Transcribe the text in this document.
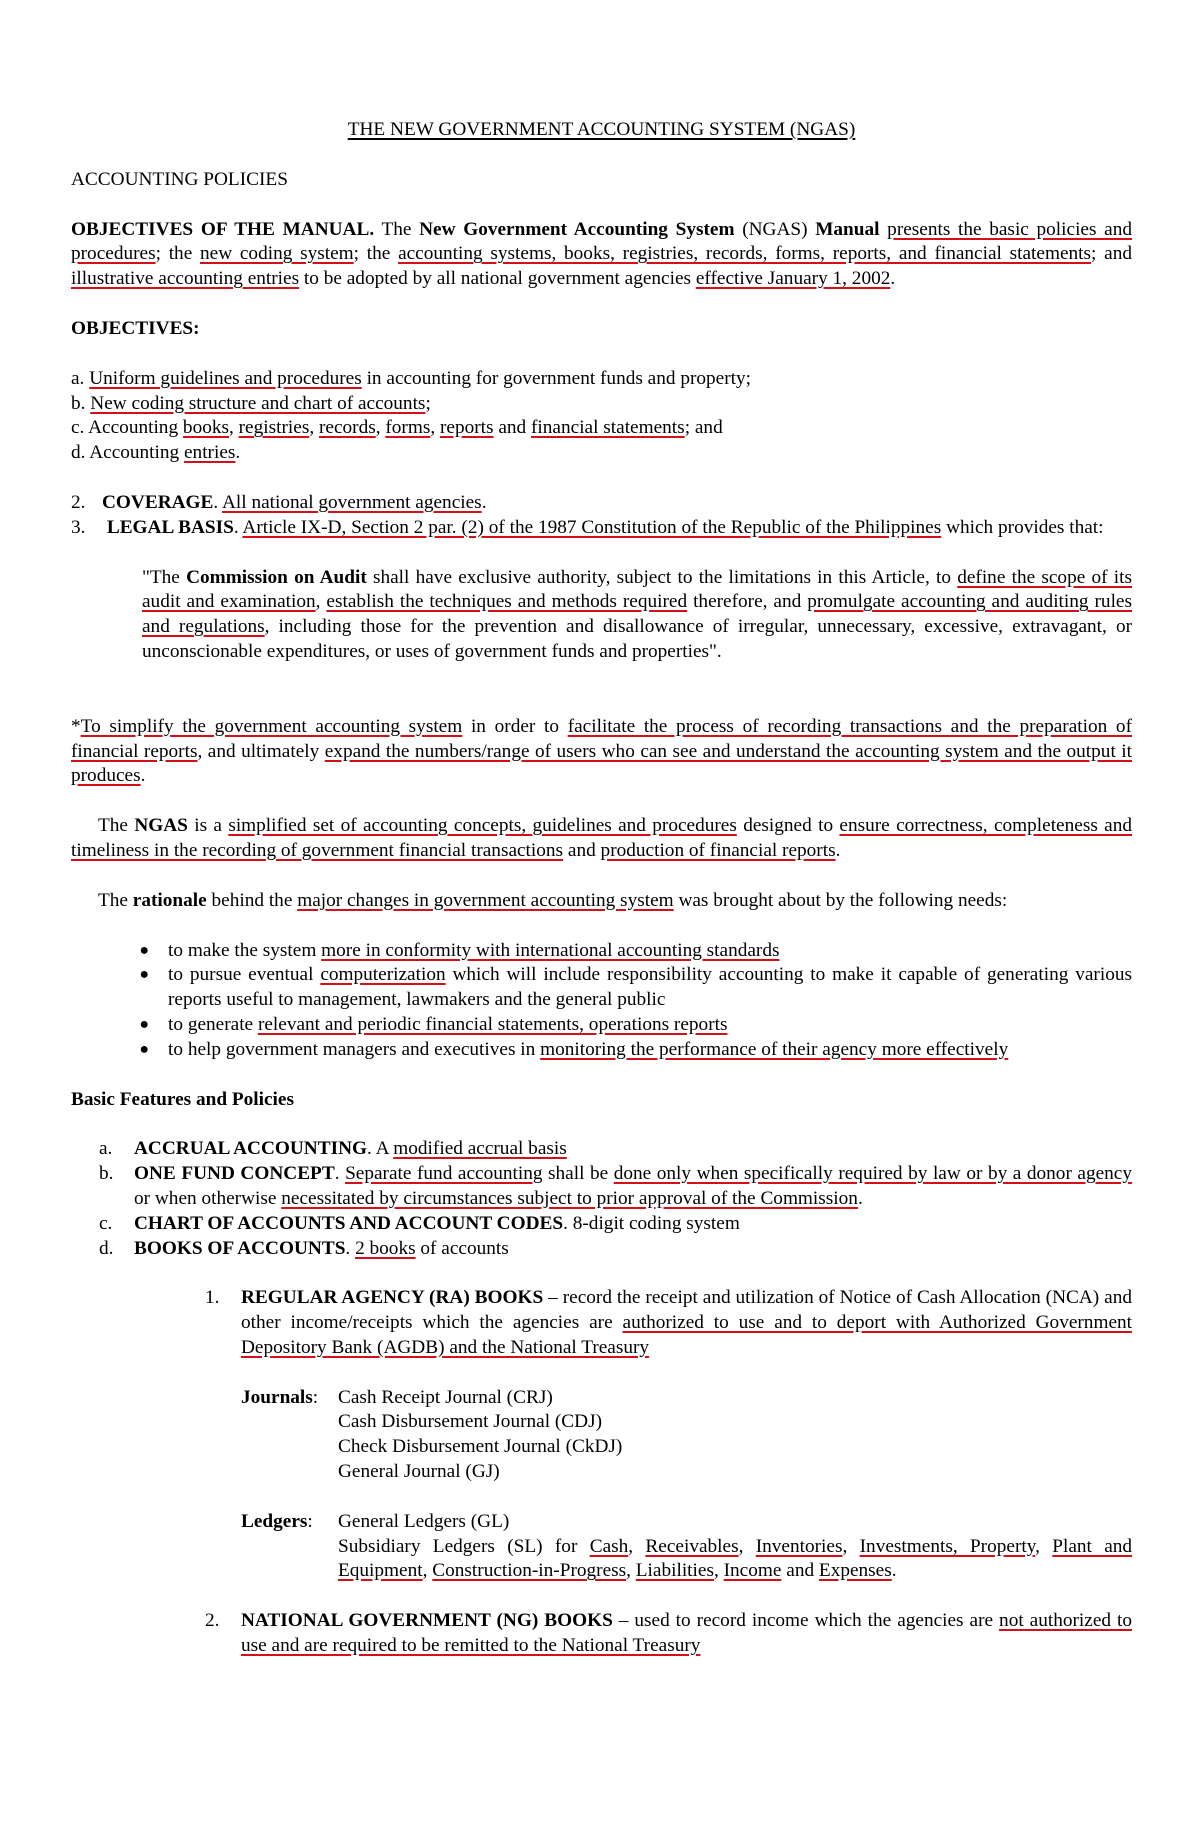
THE NEW GOVERNMENT ACCOUNTING SYSTEM (NGAS)

ACCOUNTING POLICIES

OBJECTIVES OF THE MANUAL. The New Government Accounting System (NGAS) Manual presents the basic policies and procedures; the new coding system; the accounting systems, books, registries, records, forms, reports, and financial statements; and illustrative accounting entries to be adopted by all national government agencies effective January 1, 2002.

OBJECTIVES:

a. Uniform guidelines and procedures in accounting for government funds and property;

b. New coding structure and chart of accounts;

c. Accounting books, registries, records, forms, reports and financial statements; and

d. Accounting entries.

2. COVERAGE. All national government agencies.
3.	LEGAL BASIS. Article IX-D, Section 2 par. (2) of the 1987 Constitution of the Republic of the Philippines which provides that:

"The Commission on Audit shall have exclusive authority, subject to the limitations in this Article, to define the scope of its audit and examination, establish the techniques and methods required therefore, and promulgate accounting and auditing rules and regulations, including those for the prevention and disallowance of irregular, unnecessary, excessive, extravagant, or unconscionable expenditures, or uses of government funds and properties".

*To simplify the government accounting system in order to facilitate the process of recording transactions and the preparation of financial reports, and ultimately expand the numbers/range of users who can see and understand the accounting system and the output it produces.

The NGAS is a simplified set of accounting concepts, guidelines and procedures designed to ensure correctness, completeness and timeliness in the recording of government financial transactions and production of financial reports.

The rationale behind the major changes in government accounting system was brought about by the following needs:

● to make the system more in conformity with international accounting standards
● to pursue eventual computerization which will include responsibility accounting to make it capable of generating various reports useful to management, lawmakers and the general public
● to generate relevant and periodic financial statements, operations reports
● to help government managers and executives in monitoring the performance of their agency more effectively

Basic Features and Policies

a.	ACCRUAL ACCOUNTING. A modified accrual basis
b.	ONE FUND CONCEPT. Separate fund accounting shall be done only when specifically required by law or by a donor agency or when otherwise necessitated by circumstances subject to prior approval of the Commission.
c.	CHART OF ACCOUNTS AND ACCOUNT CODES. 8-digit coding system
d.	BOOKS OF ACCOUNTS. 2 books of accounts
1.	REGULAR AGENCY (RA) BOOKS – record the receipt and utilization of Notice of Cash Allocation (NCA) and other income/receipts which the agencies are authorized to use and to deport with Authorized Government Depository Bank (AGDB) and the National Treasury
Journals:	Cash Receipt Journal (CRJ)
Cash Disbursement Journal (CDJ)
Check Disbursement Journal (CkDJ)
General Journal (GJ)
Ledgers:	General Ledgers (GL)
Subsidiary Ledgers (SL) for Cash, Receivables, Inventories, Investments, Property, Plant and Equipment, Construction-in-Progress, Liabilities, Income and Expenses.
2.	NATIONAL GOVERNMENT (NG) BOOKS – used to record income which the agencies are not authorized to use and are required to be remitted to the National Treasury
